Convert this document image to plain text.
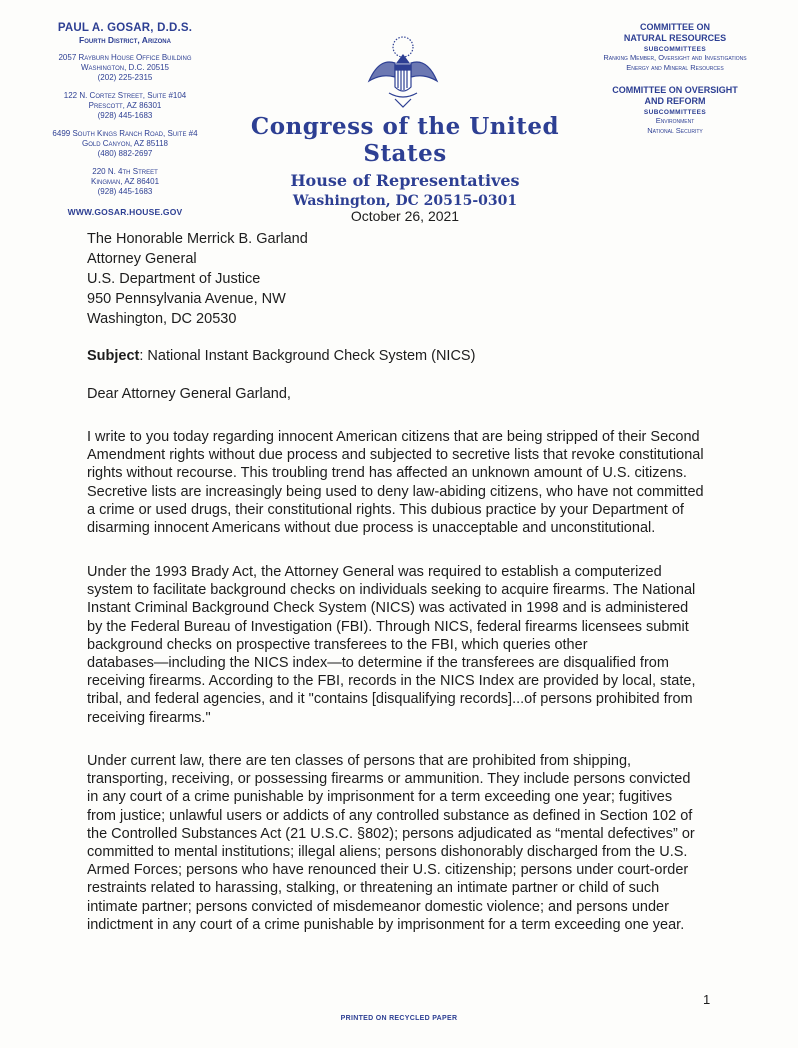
PAUL A. GOSAR, D.D.S.
Fourth District, Arizona
2057 Rayburn House Office Building
Washington, D.C. 20515
(202) 225-2315
122 N. Cortez Street, Suite #104
Prescott, AZ 86301
(928) 445-1683
6499 South Kings Ranch Road, Suite #4
Gold Canyon, AZ 85118
(480) 882-2697
220 N. 4th Street
Kingman, AZ 86401
(928) 445-1683
WWW.GOSAR.HOUSE.GOV
COMMITTEE ON
NATURAL RESOURCES
SUBCOMMITTEES
Ranking Member, Oversight and Investigations
Energy and Mineral Resources
COMMITTEE ON OVERSIGHT
AND REFORM
SUBCOMMITTEES
Environment
National Security
Congress of the United States
House of Representatives
Washington, DC 20515-0301
October 26, 2021
The Honorable Merrick B. Garland
Attorney General
U.S. Department of Justice
950 Pennsylvania Avenue, NW
Washington, DC 20530
Subject: National Instant Background Check System (NICS)
Dear Attorney General Garland,
I write to you today regarding innocent American citizens that are being stripped of their Second
Amendment rights without due process and subjected to secretive lists that revoke constitutional
rights without recourse. This troubling trend has affected an unknown amount of U.S. citizens.
Secretive lists are increasingly being used to deny law-abiding citizens, who have not committed
a crime or used drugs, their constitutional rights. This dubious practice by your Department of
disarming innocent Americans without due process is unacceptable and unconstitutional.
Under the 1993 Brady Act, the Attorney General was required to establish a computerized
system to facilitate background checks on individuals seeking to acquire firearms. The National
Instant Criminal Background Check System (NICS) was activated in 1998 and is administered
by the Federal Bureau of Investigation (FBI). Through NICS, federal firearms licensees submit
background checks on prospective transferees to the FBI, which queries other
databases—including the NICS index—to determine if the transferees are disqualified from
receiving firearms. According to the FBI, records in the NICS Index are provided by local, state,
tribal, and federal agencies, and it "contains [disqualifying records]...of persons prohibited from
receiving firearms."
Under current law, there are ten classes of persons that are prohibited from shipping,
transporting, receiving, or possessing firearms or ammunition. They include persons convicted
in any court of a crime punishable by imprisonment for a term exceeding one year; fugitives
from justice; unlawful users or addicts of any controlled substance as defined in Section 102 of
the Controlled Substances Act (21 U.S.C. §802); persons adjudicated as “mental defectives” or
committed to mental institutions; illegal aliens; persons dishonorably discharged from the U.S.
Armed Forces; persons who have renounced their U.S. citizenship; persons under court-order
restraints related to harassing, stalking, or threatening an intimate partner or child of such
intimate partner; persons convicted of misdemeanor domestic violence; and persons under
indictment in any court of a crime punishable by imprisonment for a term exceeding one year.
1
PRINTED ON RECYCLED PAPER
